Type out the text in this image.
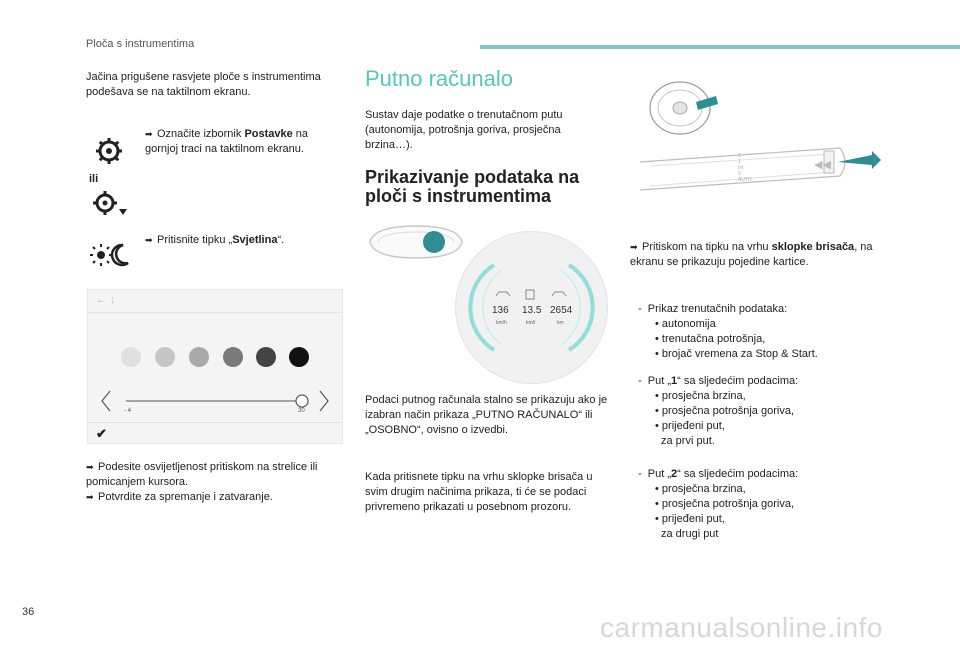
Ploča s instrumentima
Jačina prigušene rasvjete ploče s instrumentima podešava se na taktilnom ekranu.
➡ Označite izbornik Postavke na gornjoj traci na taktilnom ekranu.
ili
➡ Pritisnite tipku „Svjetlina“.
← ↓
- 4	30
✔
➡ Podesite osvijetljenost pritiskom na strelice ili pomicanjem kursora.
➡ Potvrdite za spremanje i zatvaranje.
Putno računalo
Sustav daje podatke o trenutačnom putu (autonomija, potrošnja goriva, prosječna brzina…).
Prikazivanje podataka na ploči s instrumentima
136 13.5 2654
km/h	km/l	km
Podaci putnog računala stalno se prikazuju ako je izabran način prikaza „PUTNO RAČUNALO“ ili „OSOBNO“, ovisno o izvedbi.
Kada pritisnete tipku na vrhu sklopke brisača u svim drugim načinima prikaza, ti će se podaci privremeno prikazati u posebnom prozoru.
◀◀
2
1
Int
0
AUTO
➡ Pritiskom na tipku na vrhu sklopke brisača, na ekranu se prikazuju pojedine kartice.
-  Prikaz trenutačnih podataka:
• autonomija
• trenutačna potrošnja,
• brojač vremena za Stop & Start.
-  Put „1“ sa sljedećim podacima:
• prosječna brzina,
• prosječna potrošnja goriva,
• prijeđeni put,
za prvi put.
-  Put „2“ sa sljedećim podacima:
• prosječna brzina,
• prosječna potrošnja goriva,
• prijeđeni put,
za drugi put
36	carmanualsonline.info
